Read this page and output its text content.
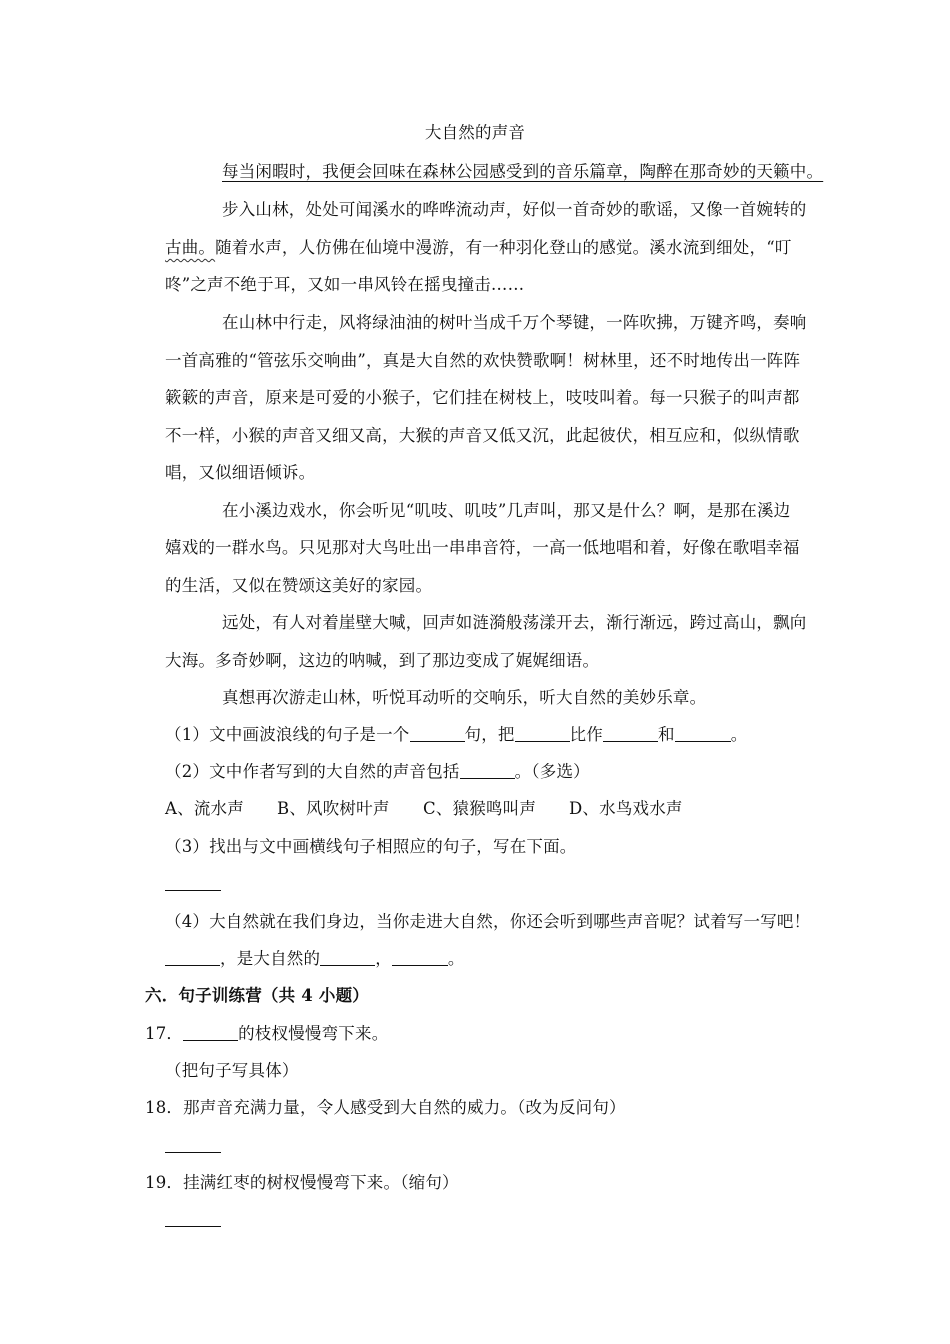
大自然的声音
每当闲暇时，我便会回味在森林公园感受到的音乐篇章，陶醉在那奇妙的天籁中。
步入山林，处处可闻溪水的哗哗流动声，好似一首奇妙的歌谣，又像一首婉转的
古曲。随着水声，人仿佛在仙境中漫游，有一种羽化登山的感觉。溪水流到细处，“叮
咚”之声不绝于耳，又如一串风铃在摇曳撞击……
在山林中行走，风将绿油油的树叶当成千万个琴键，一阵吹拂，万键齐鸣，奏响
一首高雅的“管弦乐交响曲”，真是大自然的欢快赞歌啊！树林里，还不时地传出一阵阵
簌簌的声音，原来是可爱的小猴子，它们挂在树枝上，吱吱叫着。每一只猴子的叫声都
不一样，小猴的声音又细又高，大猴的声音又低又沉，此起彼伏，相互应和，似纵情歌
唱，又似细语倾诉。
在小溪边戏水，你会听见“叽吱、叽吱”几声叫，那又是什么？啊，是那在溪边
嬉戏的一群水鸟。只见那对大鸟吐出一串串音符，一高一低地唱和着，好像在歌唱幸福
的生活，又似在赞颂这美好的家园。
远处，有人对着崖壁大喊，回声如涟漪般荡漾开去，渐行渐远，跨过高山，飘向
大海。多奇妙啊，这边的呐喊，到了那边变成了娓娓细语。
真想再次游走山林，听悦耳动听的交响乐，听大自然的美妙乐章。
（1）文中画波浪线的句子是一个	句，把	比作	和	。
（2）文中作者写到的大自然的声音包括	。（多选）
A、流水声 B、风吹树叶声 C、猿猴鸣叫声 D、水鸟戏水声
（3）找出与文中画横线句子相照应的句子，写在下面。
（4）大自然就在我们身边，当你走进大自然，你还会听到哪些声音呢？试着写一写吧！
，是大自然的	，	。
六．句子训练营（共 4 小题）
17．	的枝杈慢慢弯下来。
（把句子写具体）
18．那声音充满力量，令人感受到大自然的威力。（改为反问句）
19．挂满红枣的树杈慢慢弯下来。（缩句）
